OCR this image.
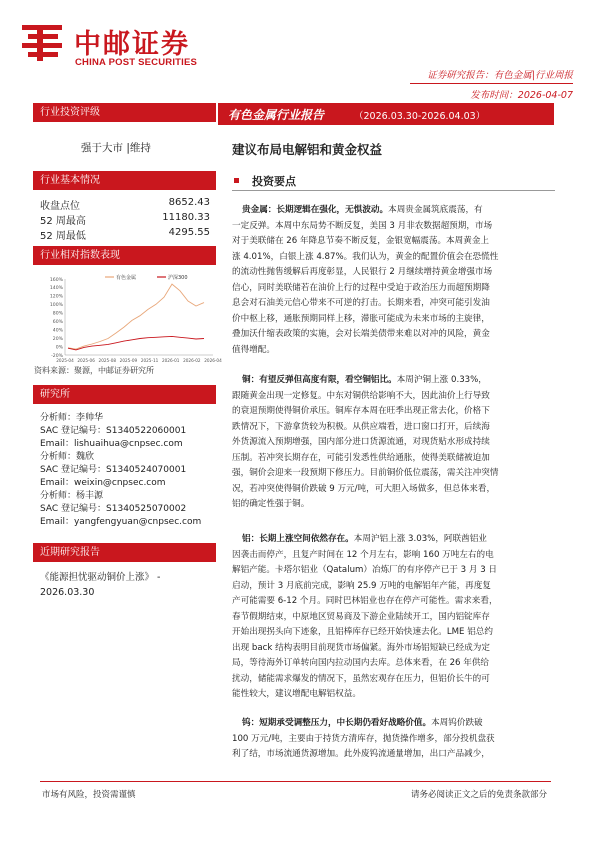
中邮证券
CHINA POST SECURITIES
证券研究报告：有色金属|行业周报
发布时间：2026-04-07
行业投资评级
强于大市 |维持
行业基本情况
收盘点位	8652.43
52 周最高	11180.33
52 周最低	4295.55
行业相对指数表现
160%
140%
120%
100%
80%
60%
40%
20%
0%
-20%
2025-04 2025-06 2025-08 2025-09 2025-11 2026-01 2026-02 2026-04
有色金属	沪深300
资料来源：聚源，中邮证券研究所
研究所
分析师：李帅华
SAC 登记编号：S1340522060001
Email：lishuaihua@cnpsec.com
分析师：魏欣
SAC 登记编号：S1340524070001
Email：weixin@cnpsec.com
分析师：杨丰源
SAC 登记编号：S1340525070002
Email：yangfengyuan@cnpsec.com
近期研究报告
《能源担忧驱动铜价上涨》 -
2026.03.30
有色金属行业报告	（2026.03.30-2026.04.03）
建议布局电解铝和黄金权益
投资要点
贵金属：长期逻辑在强化，无惧波动。本周贵金属筑底震荡，有
一定反弹。本周中东局势不断反复，美国 3 月非农数据超预期，市场
对于美联储在 26 年降息节奏不断反复，金银宽幅震荡。本周黄金上
涨 4.01%，白银上涨 4.87%。我们认为，黄金的配置价值会在恐慌性
的流动性抛售缓解后再度彰显，人民银行 2 月继续增持黄金增强市场
信心，同时美联储若在油价上行的过程中受迫于政治压力而超预期降
息会对石油美元信心带来不可逆的打击。长期来看，冲突可能引发油
价中枢上移，通胀预期同样上移，滞胀可能成为未来市场的主旋律，
叠加沃什缩表政策的实施，会对长端美债带来难以对冲的风险，黄金
值得增配。
铜：有望反弹但高度有限，看空铜铝比。本周沪铜上涨 0.33%，
跟随黄金出现一定修复。中东对铜供给影响不大，因此油价上行导致
的衰退预期使得铜价承压。铜库存本周在旺季出现正常去化，价格下
跌情况下，下游拿货较为积极。从供应端看，进口窗口打开，后续海
外货源流入预期增强，国内部分进口货源流通，对现货贴水形成持续
压制。若冲突长期存在，可能引发悉性供给通胀，使得美联储被迫加
强，铜价会迎来一段预期下修压力。目前铜价低位震荡，需关注冲突情
况，若冲突使得铜价跌破 9 万元/吨，可大胆入场做多，但总体来看，
铝的确定性强于铜。
铝：长期上涨空间依然存在。本周沪铝上涨 3.03%，阿联酋铝业
因袭击而停产，且复产时间在 12 个月左右，影响 160 万吨左右的电
解铝产能。卡塔尔铝业（Qatalum）冶炼厂的有序停产已于 3 月 3 日
启动，预计 3 月底前完成，影响 25.9 万吨的电解铝年产能，再度复
产可能需要 6-12 个月。同时巴林铝业也存在停产可能性。需求来看，
春节假期结束，中原地区贸易商及下游企业陆续开工，国内铝锭库存
开始出现拐头向下迹象，且铝棒库存已经开始快速去化。LME 铝总约
出现 back 结构表明目前现货市场偏紧。海外市场铝短缺已经成为定
局，等待海外订单转向国内拉动国内去库。总体来看，在 26 年供给
扰动，储能需求爆发的情况下，虽然宏观存在压力，但铝价长牛的可
能性较大，建议增配电解铝权益。
钨：短期承受调整压力，中长期仍看好战略价值。本周钨价跌破
100 万元/吨，主要由于持货方清库存，抛货操作增多，部分投机盘获
利了结，市场流通货源增加。此外废钨流通量增加，出口产品减少，
市场有风险，投资需谨慎	请务必阅读正文之后的免责条款部分
